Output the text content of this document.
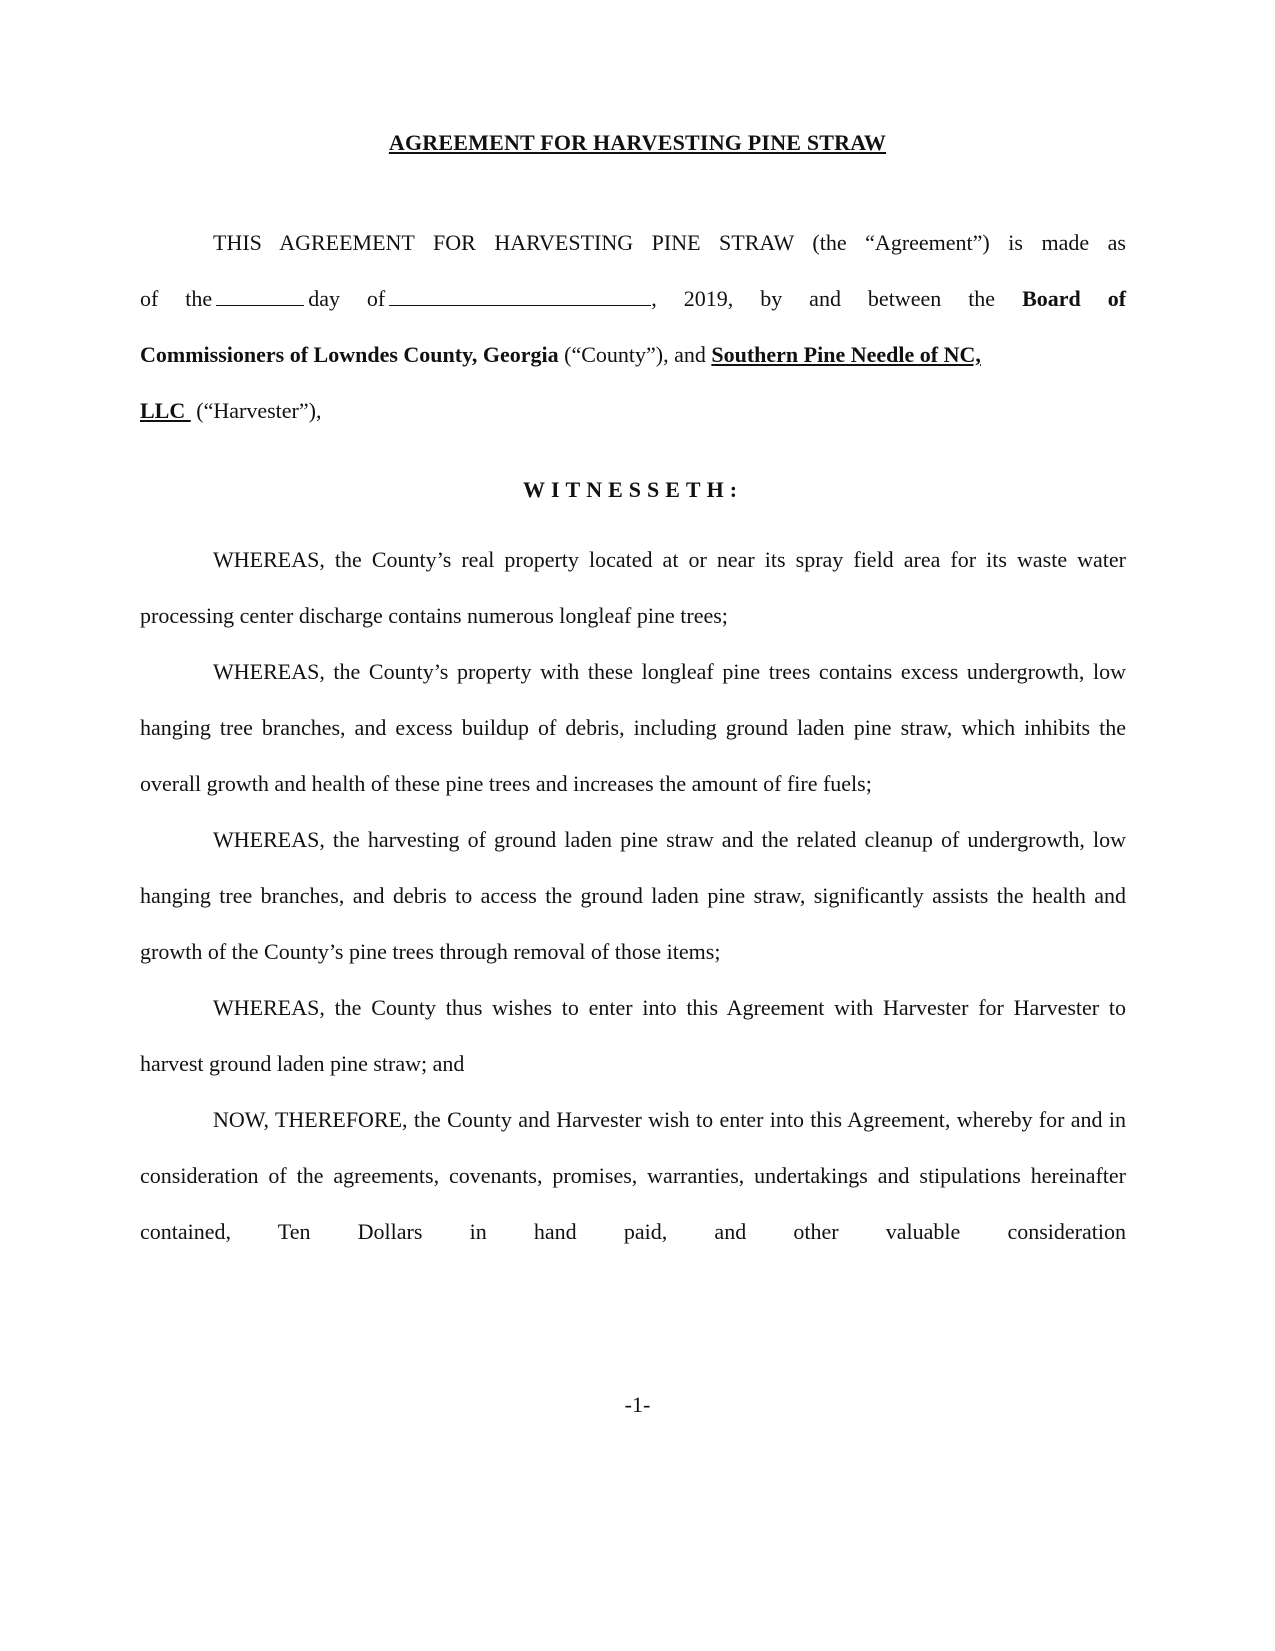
AGREEMENT FOR HARVESTING PINE STRAW

THIS AGREEMENT FOR HARVESTING PINE STRAW (the “Agreement”) is made as

of the	day of	, 2019, by and between the Board of

Commissioners of Lowndes County, Georgia (“County”), and Southern Pine Needle of NC,

LLC  (“Harvester”),

WITNESSETH:

WHEREAS, the County’s real property located at or near its spray field area for its waste water processing center discharge contains numerous longleaf pine trees;

WHEREAS, the County’s property with these longleaf pine trees contains excess undergrowth, low hanging tree branches, and excess buildup of debris, including ground laden pine straw, which inhibits the overall growth and health of these pine trees and increases the amount of fire fuels;

WHEREAS, the harvesting of ground laden pine straw and the related cleanup of undergrowth, low hanging tree branches, and debris to access the ground laden pine straw, significantly assists the health and growth of the County’s pine trees through removal of those items;

WHEREAS, the County thus wishes to enter into this Agreement with Harvester for Harvester to harvest ground laden pine straw; and

NOW, THEREFORE, the County and Harvester wish to enter into this Agreement, whereby for and in consideration of the agreements, covenants, promises, warranties, undertakings and stipulations hereinafter contained, Ten Dollars in hand paid, and other valuable consideration

-1-
